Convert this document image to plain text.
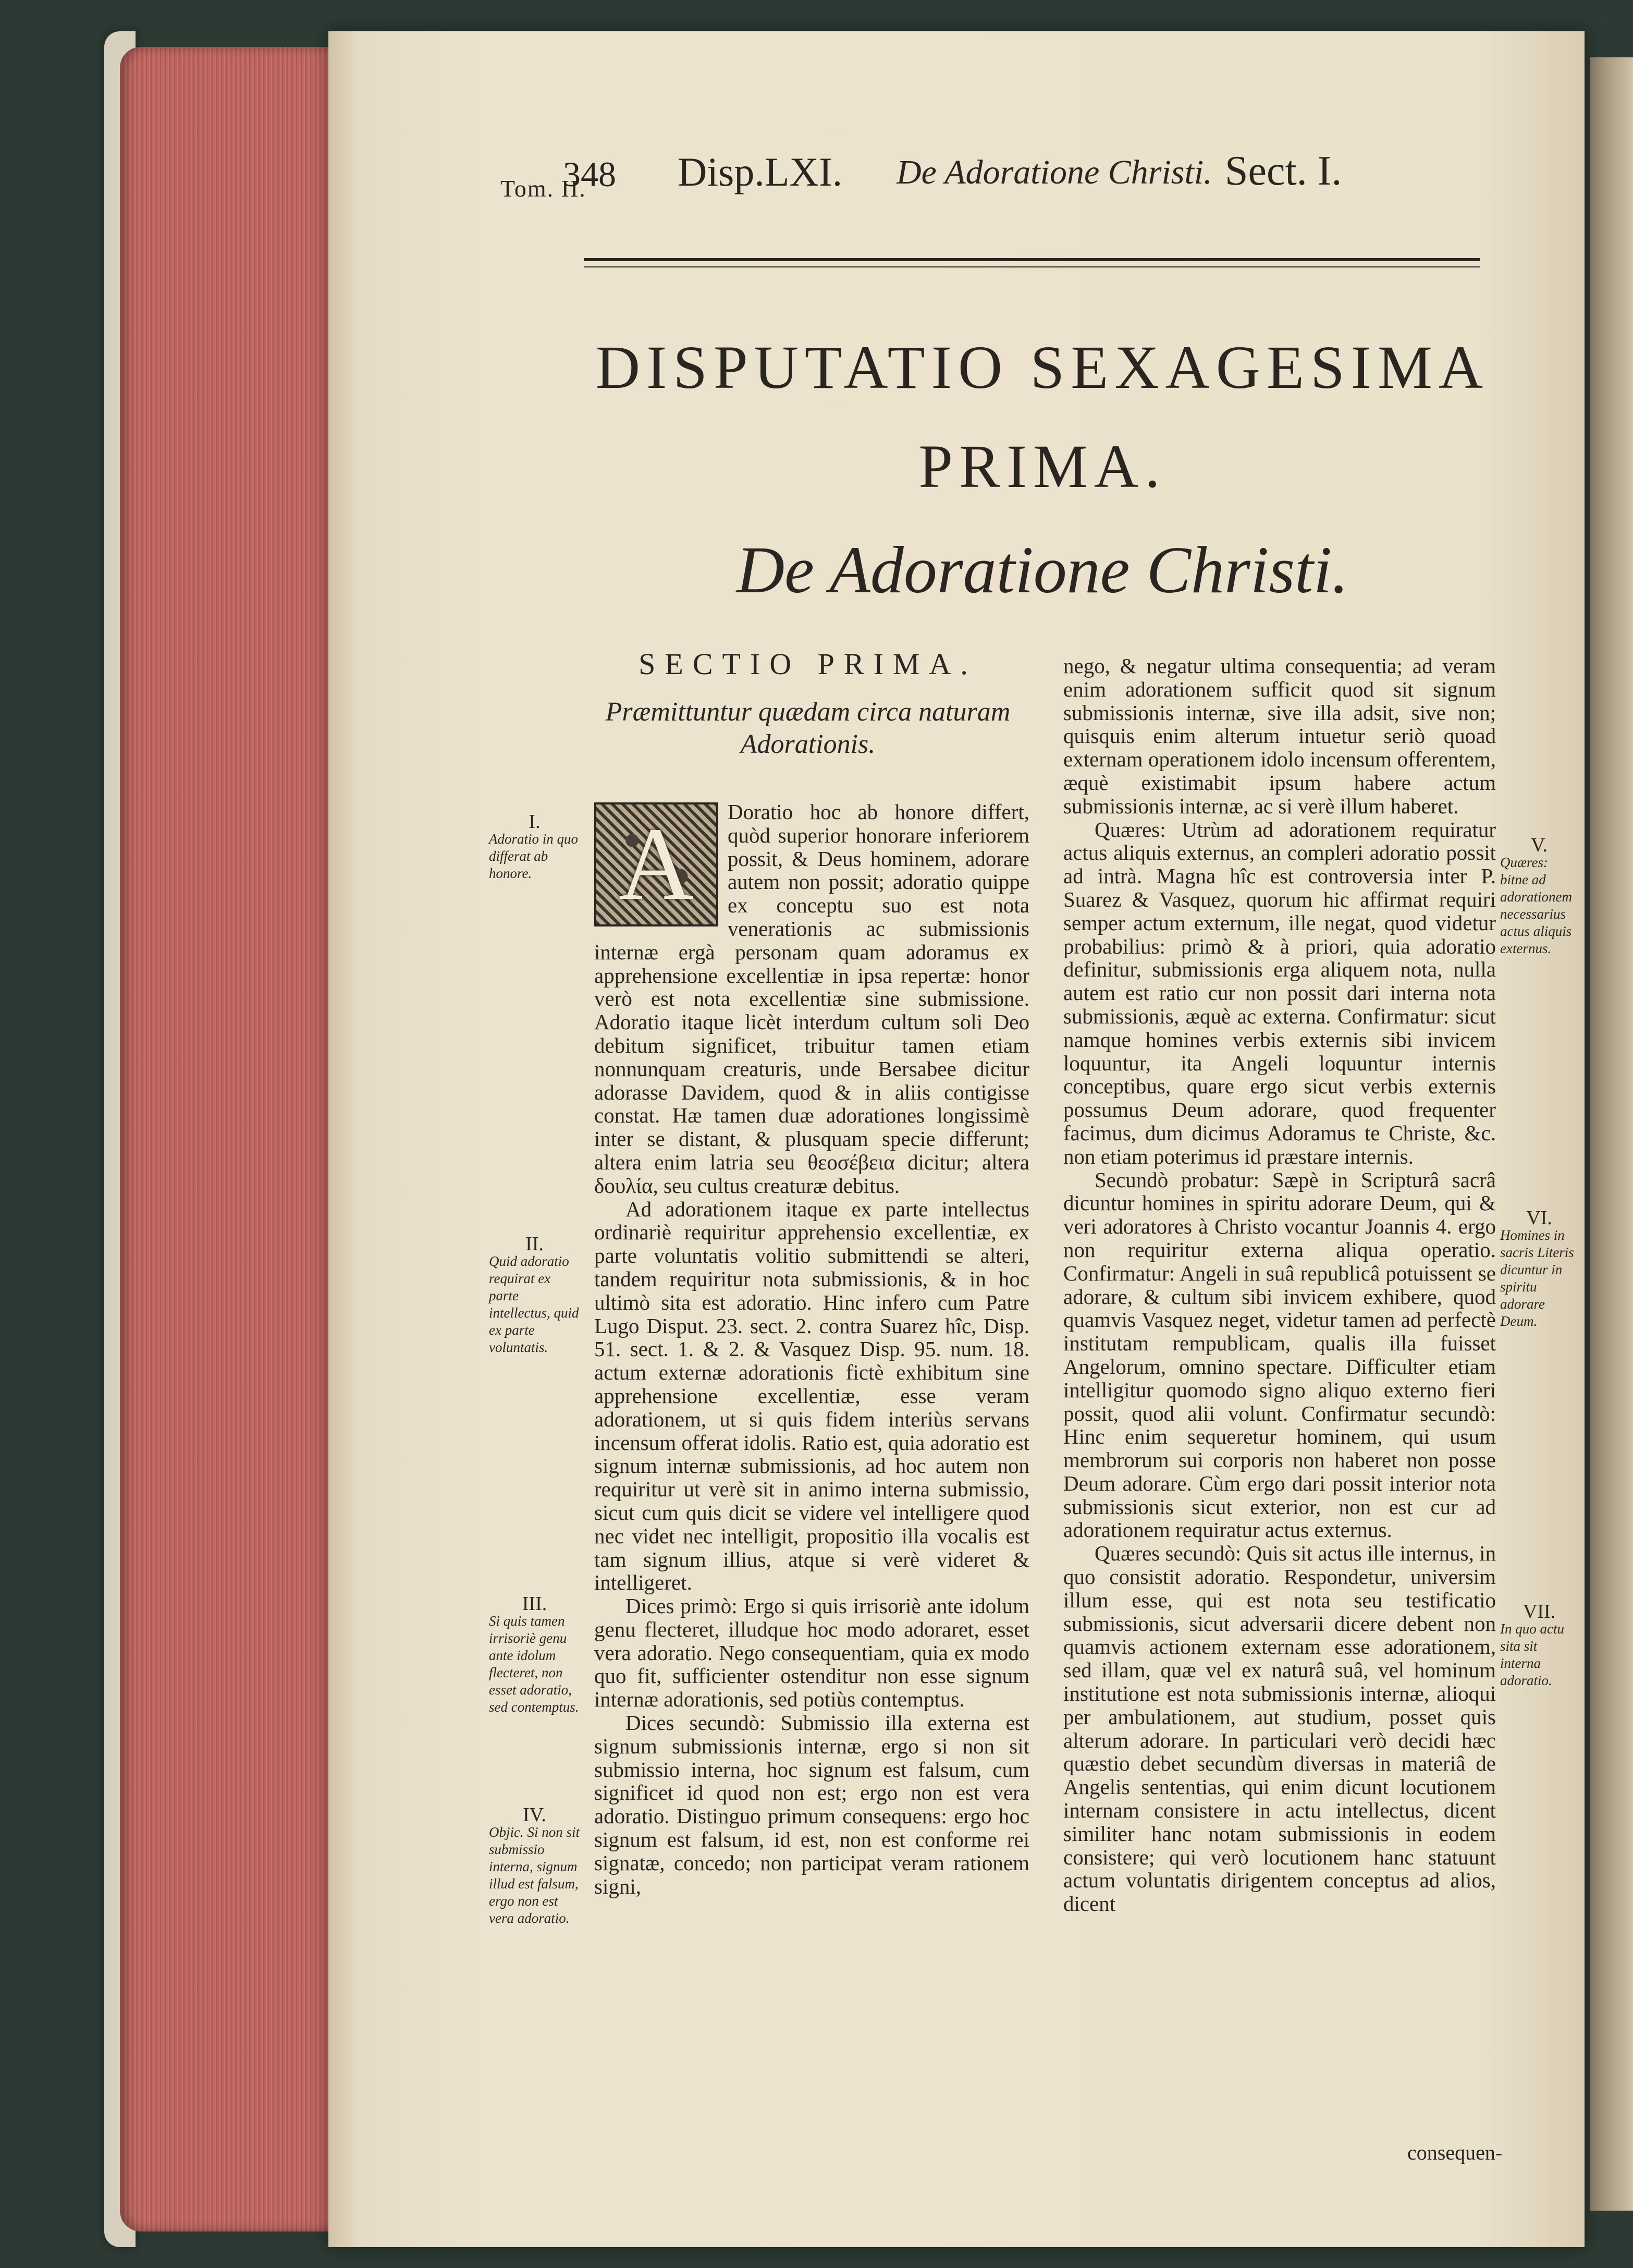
Tom. II.
348 Disp.LXI. De Adoratione Christi. Sect. I.
DISPUTATIO SEXAGESIMA
PRIMA.
De Adoratione Christi.
SECTIO PRIMA.
Præmittuntur quædam circa naturam Adorationis.

A	Doratio hoc ab honore differt, quòd superior honorare inferiorem possit, & Deus hominem, adorare autem non possit; adoratio quippe ex conceptu suo est nota venerationis ac submissionis internæ ergà personam quam adoramus ex apprehensione excellentiæ in ipsa repertæ: honor verò est nota excellentiæ sine submissione. Adoratio itaque licèt interdum cultum soli Deo debitum significet, tribuitur tamen etiam nonnunquam creaturis, unde Bersabee dicitur adorasse Davidem, quod & in aliis contigisse constat. Hæ tamen duæ adorationes longissimè inter se distant, & plusquam specie differunt; altera enim latria seu θεοσέβεια dicitur; altera δουλία, seu cultus creaturæ debitus.

Ad adorationem itaque ex parte intellectus ordinariè requiritur apprehensio excellentiæ, ex parte voluntatis volitio submittendi se alteri, tandem requiritur nota submissionis, & in hoc ultimò sita est adoratio. Hinc infero cum Patre Lugo Disput. 23. sect. 2. contra Suarez hîc, Disp. 51. sect. 1. & 2. & Vasquez Disp. 95. num. 18. actum externæ adorationis fictè exhibitum sine apprehensione excellentiæ, esse veram adorationem, ut si quis fidem interiùs servans incensum offerat idolis. Ratio est, quia adoratio est signum internæ submissionis, ad hoc autem non requiritur ut verè sit in animo interna submissio, sicut cum quis dicit se videre vel intelligere quod nec videt nec intelligit, propositio illa vocalis est tam signum illius, atque si verè videret & intelligeret.

Dices primò: Ergo si quis irrisoriè ante idolum genu flecteret, illudque hoc modo adoraret, esset vera adoratio. Nego consequentiam, quia ex modo quo fit, sufficienter ostenditur non esse signum internæ adorationis, sed potiùs contemptus.

Dices secundò: Submissio illa externa est signum submissionis internæ, ergo si non sit submissio interna, hoc signum est falsum, cum significet id quod non est; ergo non est vera adoratio. Distinguo primum consequens: ergo hoc signum est falsum, id est, non est conforme rei signatæ, concedo; non participat veram rationem signi,

nego, & negatur ultima consequentia; ad veram enim adorationem sufficit quod sit signum submissionis internæ, sive illa adsit, sive non; quisquis enim alterum intuetur seriò quoad externam operationem idolo incensum offerentem, æquè existimabit ipsum habere actum submissionis internæ, ac si verè illum haberet.

Quæres: Utrùm ad adorationem requiratur actus aliquis externus, an compleri adoratio possit ad intrà. Magna hîc est controversia inter P. Suarez & Vasquez, quorum hic affirmat requiri semper actum externum, ille negat, quod videtur probabilius: primò & à priori, quia adoratio definitur, submissionis erga aliquem nota, nulla autem est ratio cur non possit dari interna nota submissionis, æquè ac externa. Confirmatur: sicut namque homines verbis externis sibi invicem loquuntur, ita Angeli loquuntur internis conceptibus, quare ergo sicut verbis externis possumus Deum adorare, quod frequenter facimus, dum dicimus Adoramus te Christe, &c. non etiam poterimus id præstare internis.

Secundò probatur: Sæpè in Scripturâ sacrâ dicuntur homines in spiritu adorare Deum, qui & veri adoratores à Christo vocantur Joannis 4. ergo non requiritur externa aliqua operatio. Confirmatur: Angeli in suâ republicâ potuissent se adorare, & cultum sibi invicem exhibere, quod quamvis Vasquez neget, videtur tamen ad perfectè institutam rempublicam, qualis illa fuisset Angelorum, omnino spectare. Difficulter etiam intelligitur quomodo signo aliquo externo fieri possit, quod alii volunt. Confirmatur secundò: Hinc enim sequeretur hominem, qui usum membrorum sui corporis non haberet non posse Deum adorare. Cùm ergo dari possit interior nota submissionis sicut exterior, non est cur ad adorationem requiratur actus externus.

Quæres secundò: Quis sit actus ille internus, in quo consistit adoratio. Respondetur, universim illum esse, qui est nota seu testificatio submissionis, sicut adversarii dicere debent non quamvis actionem externam esse adorationem, sed illam, quæ vel ex naturâ suâ, vel hominum institutione est nota submissionis internæ, alioqui per ambulationem, aut studium, posset quis alterum adorare. In particulari verò decidi hæc quæstio debet secundùm diversas in materiâ de Angelis sententias, qui enim dicunt locutionem internam consistere in actu intellectus, dicent similiter hanc notam submissionis in eodem consistere; qui verò locutionem hanc statuunt actum voluntatis dirigentem conceptus ad alios, dicent

consequen-
I.
Adoratio in quo differat ab honore.
II.
Quid adoratio requirat ex parte intellectus, quid ex parte voluntatis.
III.
Si quis tamen irrisoriè genu ante idolum flecteret, non esset adoratio, sed contemptus.
IV.
Objic. Si non sit submissio interna, signum illud est falsum, ergo non est vera adoratio.
V.
Quæres: bitne ad adorationem necessarius actus aliquis externus.
VI.
Homines in sacris Literis dicuntur in spiritu adorare Deum.
VII.
In quo actu sita sit interna adoratio.
